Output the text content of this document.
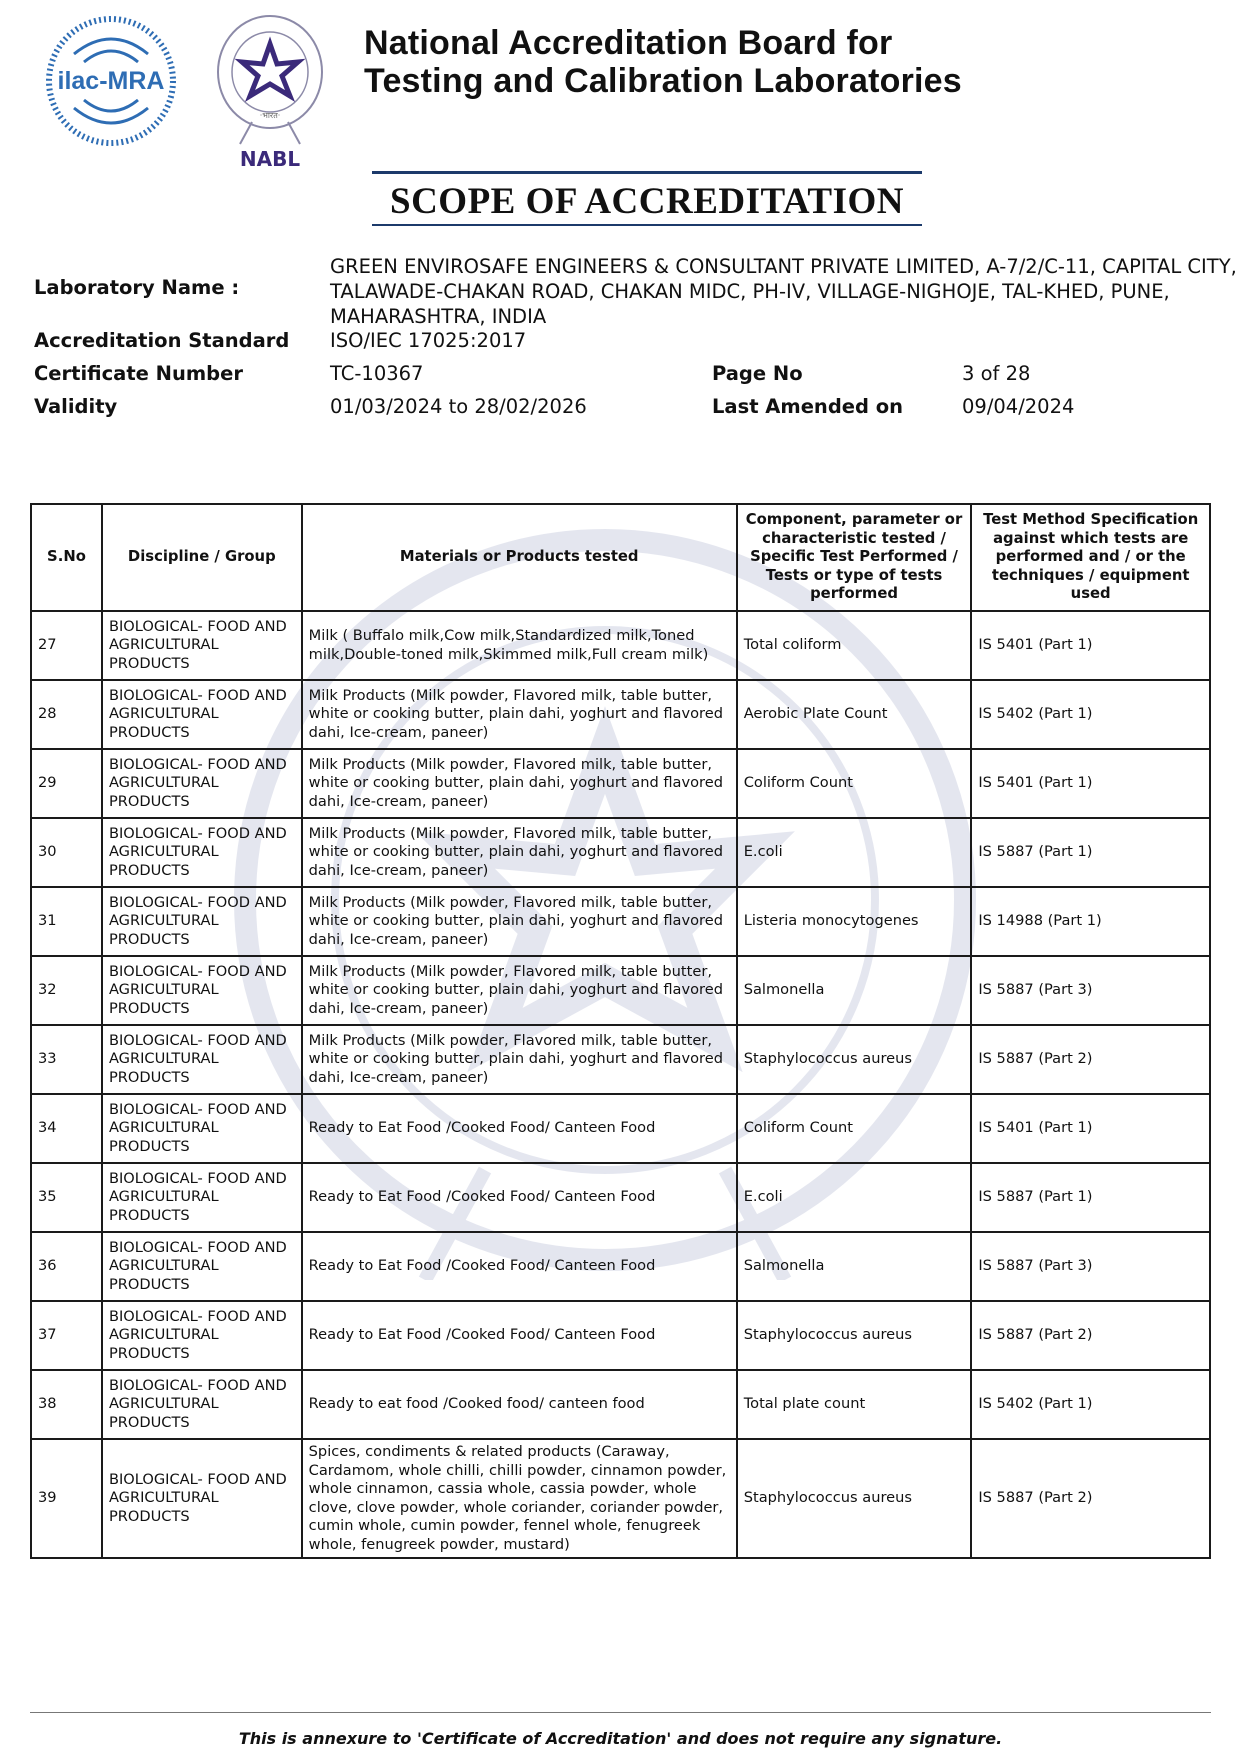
ilac-MRA
·भारत·
NABL
National Accreditation Board for
Testing and Calibration Laboratories
SCOPE OF ACCREDITATION
Laboratory Name :
GREEN ENVIROSAFE ENGINEERS & CONSULTANT PRIVATE LIMITED, A-7/2/C-11, CAPITAL CITY, TALAWADE-CHAKAN ROAD, CHAKAN MIDC, PH-IV, VILLAGE-NIGHOJE, TAL-KHED, PUNE, MAHARASHTRA, INDIA
Accreditation Standard ISO/IEC 17025:2017
Certificate Number	TC-10367	Page No	3 of 28
Validity	01/03/2024 to 28/02/2026	Last Amended on	09/04/2024
S.No	Discipline / Group	Materials or Products tested	Component, parameter or characteristic tested / Specific Test Performed / Tests or type of tests performed	Test Method Specification against which tests are performed and / or the techniques / equipment used
27	BIOLOGICAL- FOOD AND AGRICULTURAL PRODUCTS	Milk ( Buffalo milk,Cow milk,Standardized milk,Toned milk,Double-toned milk,Skimmed milk,Full cream milk)	Total coliform	IS 5401 (Part 1)
28	BIOLOGICAL- FOOD AND AGRICULTURAL PRODUCTS	Milk Products (Milk powder, Flavored milk, table butter, white or cooking butter, plain dahi, yoghurt and flavored dahi, Ice-cream, paneer)	Aerobic Plate Count	IS 5402 (Part 1)
29	BIOLOGICAL- FOOD AND AGRICULTURAL PRODUCTS	Milk Products (Milk powder, Flavored milk, table butter, white or cooking butter, plain dahi, yoghurt and flavored dahi, Ice-cream, paneer)	Coliform Count	IS 5401 (Part 1)
30	BIOLOGICAL- FOOD AND AGRICULTURAL PRODUCTS	Milk Products (Milk powder, Flavored milk, table butter, white or cooking butter, plain dahi, yoghurt and flavored dahi, Ice-cream, paneer)	E.coli	IS 5887 (Part 1)
31	BIOLOGICAL- FOOD AND AGRICULTURAL PRODUCTS	Milk Products (Milk powder, Flavored milk, table butter, white or cooking butter, plain dahi, yoghurt and flavored dahi, Ice-cream, paneer)	Listeria monocytogenes	IS 14988 (Part 1)
32	BIOLOGICAL- FOOD AND AGRICULTURAL PRODUCTS	Milk Products (Milk powder, Flavored milk, table butter, white or cooking butter, plain dahi, yoghurt and flavored dahi, Ice-cream, paneer)	Salmonella	IS 5887 (Part 3)
33	BIOLOGICAL- FOOD AND AGRICULTURAL PRODUCTS	Milk Products (Milk powder, Flavored milk, table butter, white or cooking butter, plain dahi, yoghurt and flavored dahi, Ice-cream, paneer)	Staphylococcus aureus	IS 5887 (Part 2)
34	BIOLOGICAL- FOOD AND AGRICULTURAL PRODUCTS	Ready to Eat Food /Cooked Food/ Canteen Food	Coliform Count	IS 5401 (Part 1)
35	BIOLOGICAL- FOOD AND AGRICULTURAL PRODUCTS	Ready to Eat Food /Cooked Food/ Canteen Food	E.coli	IS 5887 (Part 1)
36	BIOLOGICAL- FOOD AND AGRICULTURAL PRODUCTS	Ready to Eat Food /Cooked Food/ Canteen Food	Salmonella	IS 5887 (Part 3)
37	BIOLOGICAL- FOOD AND AGRICULTURAL PRODUCTS	Ready to Eat Food /Cooked Food/ Canteen Food	Staphylococcus aureus	IS 5887 (Part 2)
38	BIOLOGICAL- FOOD AND AGRICULTURAL PRODUCTS	Ready to eat food /Cooked food/ canteen food	Total plate count	IS 5402 (Part 1)
39	BIOLOGICAL- FOOD AND AGRICULTURAL PRODUCTS	Spices, condiments & related products (Caraway, Cardamom, whole chilli, chilli powder, cinnamon powder, whole cinnamon, cassia whole, cassia powder, whole clove, clove powder, whole coriander, coriander powder, cumin whole, cumin powder, fennel whole, fenugreek whole, fenugreek powder, mustard)	Staphylococcus aureus	IS 5887 (Part 2)
This is annexure to 'Certificate of Accreditation' and does not require any signature.
